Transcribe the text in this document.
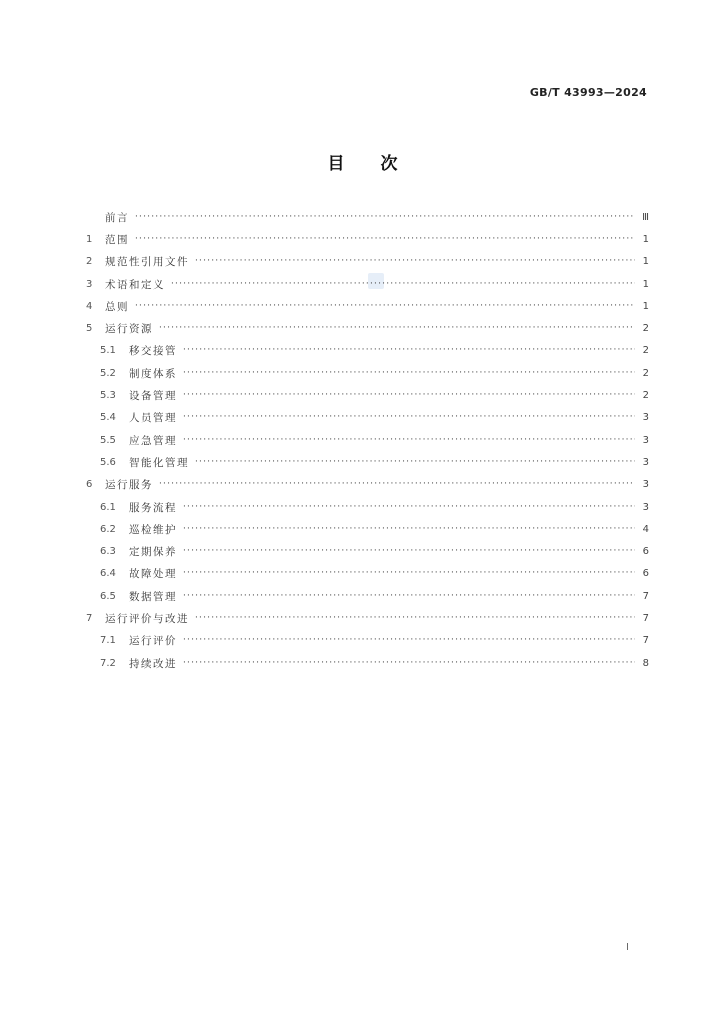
GB/T 43993—2024
目 次
前言 ·····	Ⅲ
1	范围 ·····	1
2	规范性引用文件 ·····	1
3	术语和定义 ·····	1
4	总则 ·····	1
5	运行资源 ·····	2
5.1	移交接管 ·····	2
5.2	制度体系 ·····	2
5.3	设备管理 ·····	2
5.4	人员管理 ·····	3
5.5	应急管理 ·····	3
5.6	智能化管理 ·····	3
6	运行服务 ·····	3
6.1	服务流程 ·····	3
6.2	巡检维护 ·····	4
6.3	定期保养 ·····	6
6.4	故障处理 ·····	6
6.5	数据管理 ·····	7
7	运行评价与改进 ·····	7
7.1	运行评价 ·····	7
7.2	持续改进 ·····	8
Ⅰ
